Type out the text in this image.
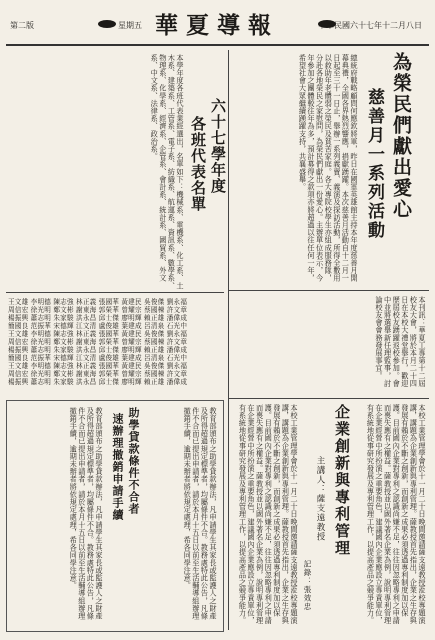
第二版	星期五 華夏導報	中華民國六十七年十二月八日
為榮民們獻出愛心
慈善月一系列活動
總統府戰略顧問何應欽將軍，昨日在國軍英雄館主持本年度慈善月開幕典禮，全國各界熱烈響應，捐獻踴躍。本次慈善月活動自十二月一日起至三十一日止，舉辦一系列義賣、義演及探訪活動，所得全數用以救助年老體弱之榮民及貧苦家庭。各大專院校學生亦組成服務隊，分赴各地榮民之家慰問，為榮民們獻出一份愛心。主辦單位表示，今年參加之團體較往年為多，預計募得之款項亦將超過以往任何一年，希望社會大眾繼續踴躍支持，共襄盛舉。
本刊訊：華夏工專第十二屆校友大會，將於本月二十四日在本校大禮堂舉行，歡迎歷屆校友踴躍返校參加。會中並將選舉新任理監事，討論校友會會務發展事宜。
六十七學年度
各班代表名單
本學年度各班代表業經選出，名單如下：機械系、電機系、化工系、土木系、建築系、工管系、電子系、紡織系、航運系、資訊系、數學系、物理系、化學系、經濟系、企管系、會計系、統計系、國貿系、外文系、中文系、法律系、政治系。
王文雄 李明德 陳志強 林正義 張國華 黃建民 吳俊傑 劉永福
周信宏 徐光明 鄭文彬 謝東海 郭榮華 曾耀宗 蔡國棟 許文章
楊振興 蕭志明 朱家駿 洪永昌 邱士傑 廖明輝 賴正雄 潘偉成
簡國良 范振華 宋德輝 江文清 盧俊雄 葉建成 呂清泉 石光中
王文雄 李明德 陳志強 林正義 張國華 黃建民 吳俊傑 劉永福
周信宏 徐光明 鄭文彬 謝東海 郭榮華 曾耀宗 蔡國棟 許文章
楊振興 蕭志明 朱家駿 洪永昌 邱士傑 廖明輝 賴正雄 潘偉成
簡國良 范振華 宋德輝 江文清 盧俊雄 葉建成 呂清泉 石光中
王文雄 李明德 陳志強 林正義 張國華 黃建民 吳俊傑 劉永福
周信宏 徐光明 鄭文彬 謝東海 郭榮華 曾耀宗 蔡國棟 許文章
楊振興 蕭志明 朱家駿 洪永昌 邱士傑 廖明輝 賴正雄 潘偉成
助學貸款條件不合者
速辦理撤銷申請手續	教育部頒布之助學貸款辦法，凡申請學生其家長或監護人之財產及所得超過規定標準者，均屬條件不合。教務處特此公告，凡條件不合而已提出申請者，請於本月十五日以前至生活輔導組辦理撤銷手續，逾期未辦者將依規定處理，希各同學注意。
教育部頒布之助學貸款辦法，凡申請學生其家長或監護人之財產及所得超過規定標準者，均屬條件不合。教務處特此公告，凡條件不合而已提出申請者，請於本月十五日以前至生活輔導組辦理撤銷手續，逾期未辦者將依規定處理，希各同學注意。	企業創新與專利管理
主講人：薩支遠教授
記錄：張效忠	本校工業管理學會於十一月二十日晚間邀請薩支遠教授蒞校專題演講，講題為企業創新與專利管理。薩教授首先指出，企業之生存與發展有賴於不斷之創新，而創新之成果必須透過專利制度加以保護。目前國內企業對專利之認識尚嫌不足，往往因忽略專利之申請而喪失應有之權益。薩教授並以國外著名企業為例，說明專利管理在企業經營中所扮演之重要角色，建議國內企業應設立專責單位，有系統地從事研究發展及專利管理工作，以提高產品之競爭能力。
本校工業管理學會於十一月二十日晚間邀請薩支遠教授蒞校專題演講，講題為企業創新與專利管理。薩教授首先指出，企業之生存與發展有賴於不斷之創新，而創新之成果必須透過專利制度加以保護。目前國內企業對專利之認識尚嫌不足，往往因忽略專利之申請而喪失應有之權益。薩教授並以國外著名企業為例，說明專利管理在企業經營中所扮演之重要角色，建議國內企業應設立專責單位，有系統地從事研究發展及專利管理工作，以提高產品之競爭能力。
